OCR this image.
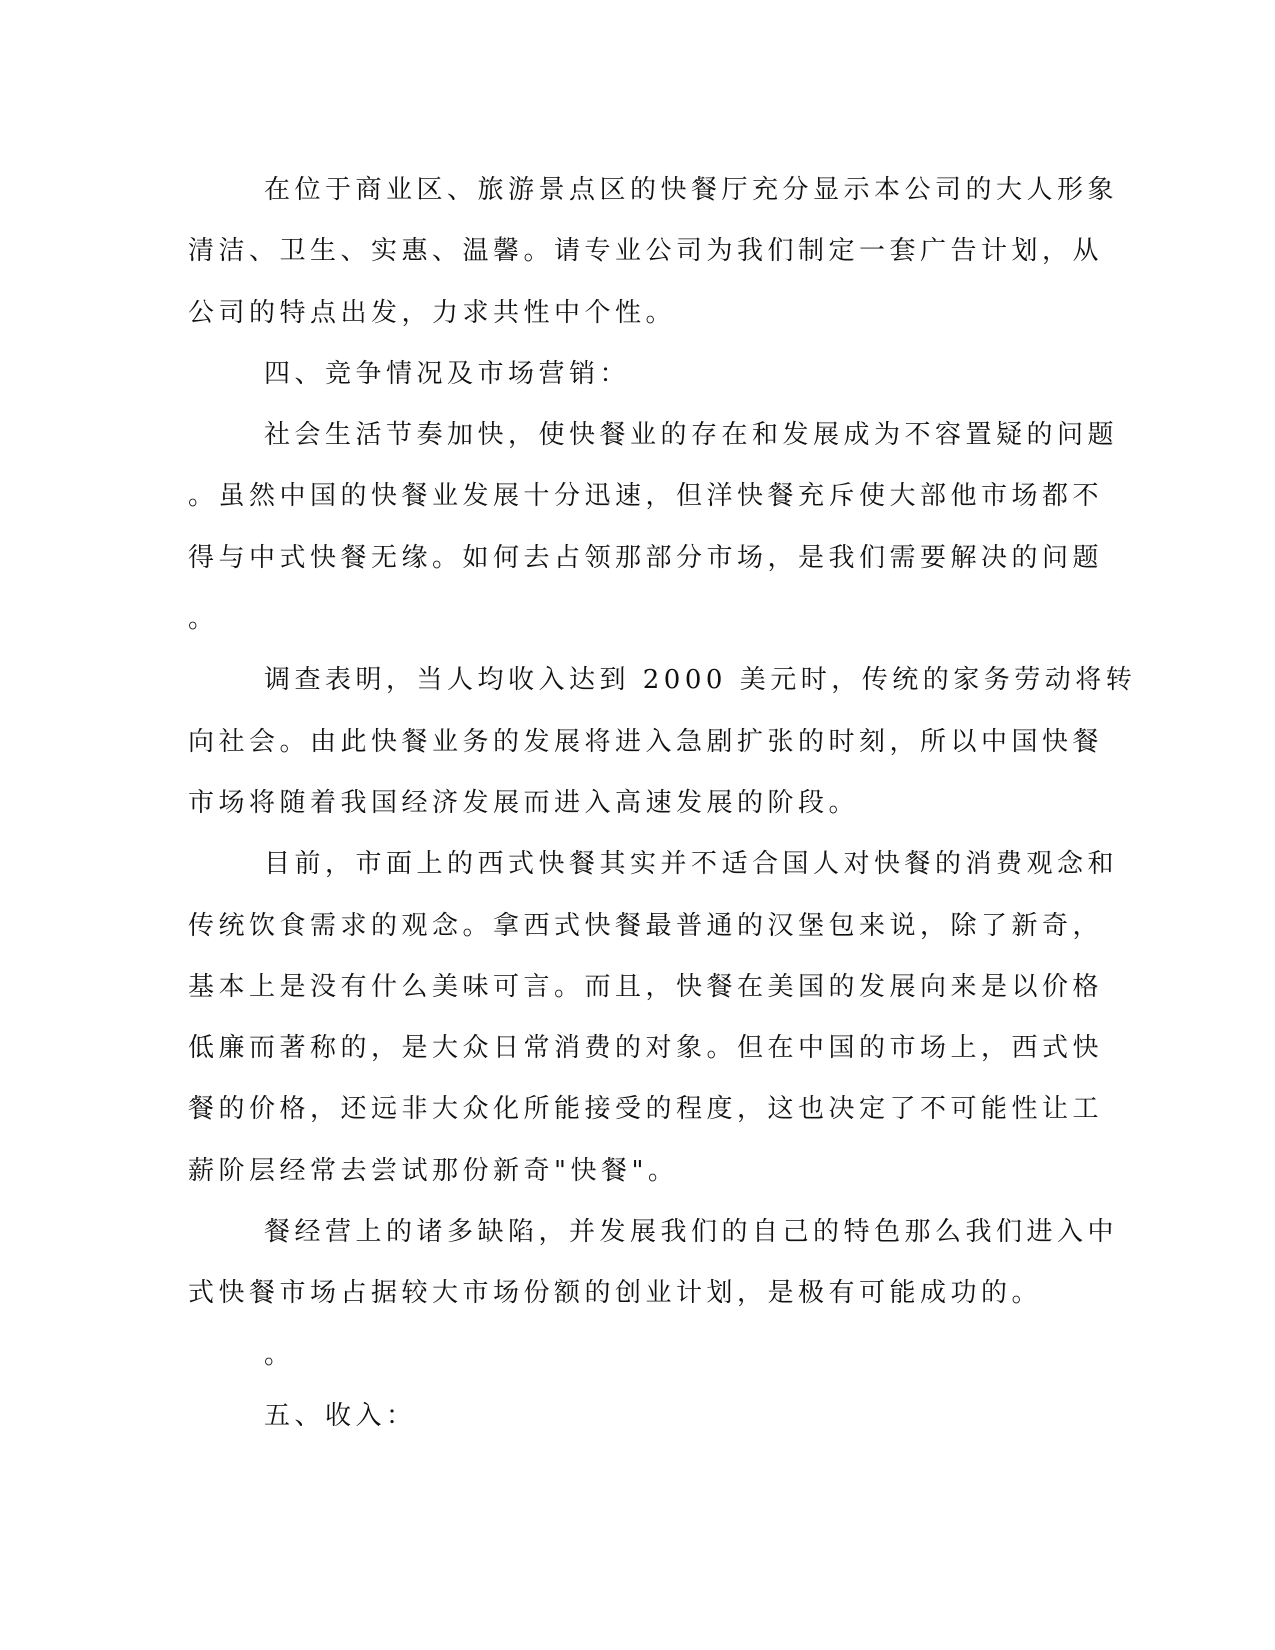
在位于商业区、旅游景点区的快餐厅充分显示本公司的大人形象
清洁、卫生、实惠、温馨。请专业公司为我们制定一套广告计划，从
公司的特点出发，力求共性中个性。
四、竞争情况及市场营销：
社会生活节奏加快，使快餐业的存在和发展成为不容置疑的问题
。虽然中国的快餐业发展十分迅速，但洋快餐充斥使大部他市场都不
得与中式快餐无缘。如何去占领那部分市场，是我们需要解决的问题
。
调查表明，当人均收入达到 2000 美元时，传统的家务劳动将转
向社会。由此快餐业务的发展将进入急剧扩张的时刻，所以中国快餐
市场将随着我国经济发展而进入高速发展的阶段。
目前，市面上的西式快餐其实并不适合国人对快餐的消费观念和
传统饮食需求的观念。拿西式快餐最普通的汉堡包来说，除了新奇，
基本上是没有什么美味可言。而且，快餐在美国的发展向来是以价格
低廉而著称的，是大众日常消费的对象。但在中国的市场上，西式快
餐的价格，还远非大众化所能接受的程度，这也决定了不可能性让工
薪阶层经常去尝试那份新奇"快餐"。
餐经营上的诸多缺陷，并发展我们的自己的特色那么我们进入中
式快餐市场占据较大市场份额的创业计划，是极有可能成功的。
。
五、收入：
